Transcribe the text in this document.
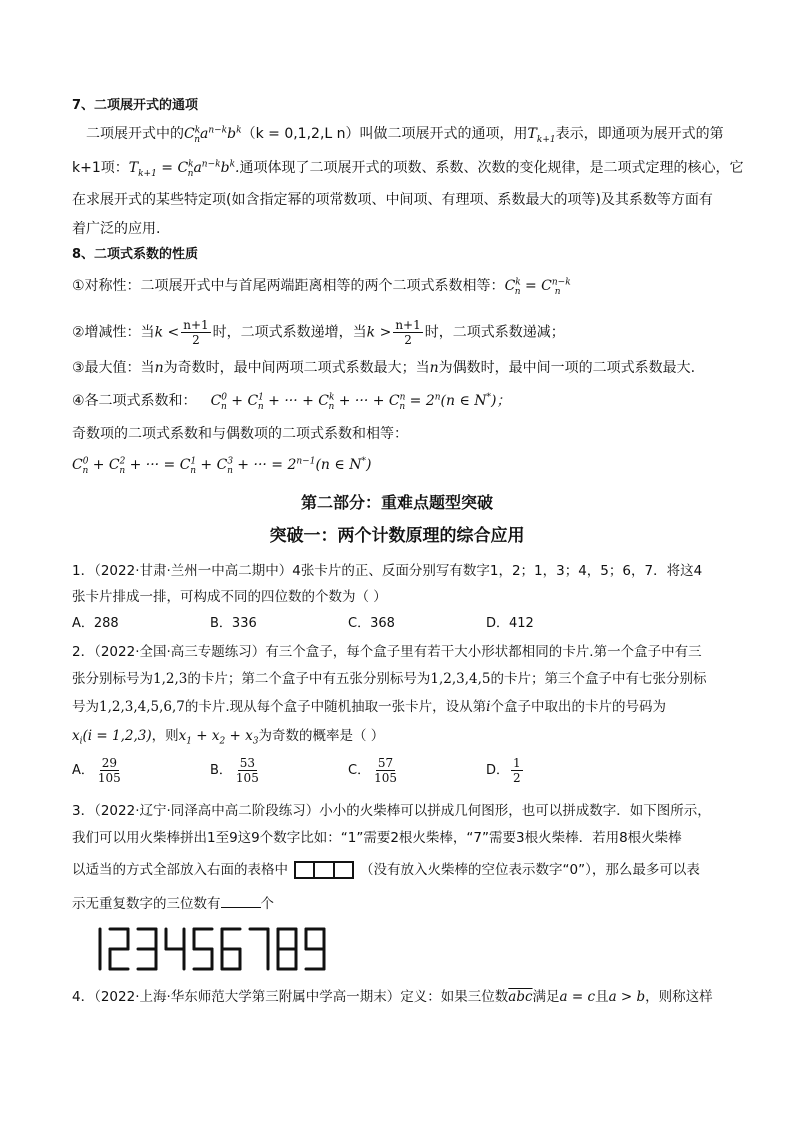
7、二项展开式的通项
二项展开式中的$C^k_na^{n-k}b^k(k = 0,1,2,L$ n）叫做二项展开式的通项，用$T_{k+1}$表示，即通项为展开式的第
k+1项：$T_{k+1} = C^k_na^{n-k}b^k$.通项体现了二项展开式的项数、系数、次数的变化规律，是二项式定理的核心，它
在求展开式的某些特定项(如含指定幂的项常数项、中间项、有理项、系数最大的项等)及其系数等方面有
着广泛的应用.
8、二项式系数的性质
①对称性：二项展开式中与首尾两端距离相等的两个二项式系数相等：$C^k_n = C^{n-k}_n$
②增减性：当$k < \frac{n+1}{2}$ 时，二项式系数递增，当$k > \frac{n+1}{2}$ 时，二项式系数递减；
③最大值：当n为奇数时，最中间两项二项式系数最大；当n为偶数时，最中间一项的二项式系数最大.
④各二项式系数和： $C^0_n + C^1_n$ + ··· + $C^k_n$ + ··· + $C^n_n = 2^n(n$ ∈ N*)；
奇数项的二项式系数和与偶数项的二项式系数和相等：
$C^0_n + C^2_n$ + ··· = $C^1_n + C^3_n$ + ··· = $2^{n-1}(n$ ∈ N*)
第二部分：重难点题型突破
突破一：两个计数原理的综合应用
1．（2022·甘肃·兰州一中高二期中）4张卡片的正、反面分别写有数字1，2；1，3；4，5；6，7．将这4
张卡片排成一排，可构成不同的四位数的个数为（ ）
A．288	B．336	C．368	D．412
2．（2022·全国·高三专题练习）有三个盒子，每个盒子里有若干大小形状都相同的卡片.第一个盒子中有三
张分别标号为1,2,3的卡片；第二个盒子中有五张分别标号为1,2,3,4,5的卡片；第三个盒子中有七张分别标
号为1,2,3,4,5,6,7的卡片.现从每个盒子中随机抽取一张卡片，设从第i个盒子中取出的卡片的号码为
$x_i(i = 1,2,3)$，则$x_1 + x_2 + x_3$为奇数的概率是（ ）
A． $\frac{29}{105}$	B． $\frac{53}{105}$	C． $\frac{57}{105}$	D． $\frac{1}{2}$
3．（2022·辽宁·同泽高中高二阶段练习）小小的火柴棒可以拼成几何图形，也可以拼成数字．如下图所示，
我们可以用火柴棒拼出1至9这9个数字比如：“1”需要2根火柴棒，“7”需要3根火柴棒．若用8根火柴棒
以适当的方式全部放入右面的表格中	（没有放入火柴棒的空位表示数字“0”），那么最多可以表
示无重复数字的三位数有	个
4．（2022·上海·华东师范大学第三附属中学高一期末）定义：如果三位数$\overline{abc}$满足a = c且a > b，则称这样
